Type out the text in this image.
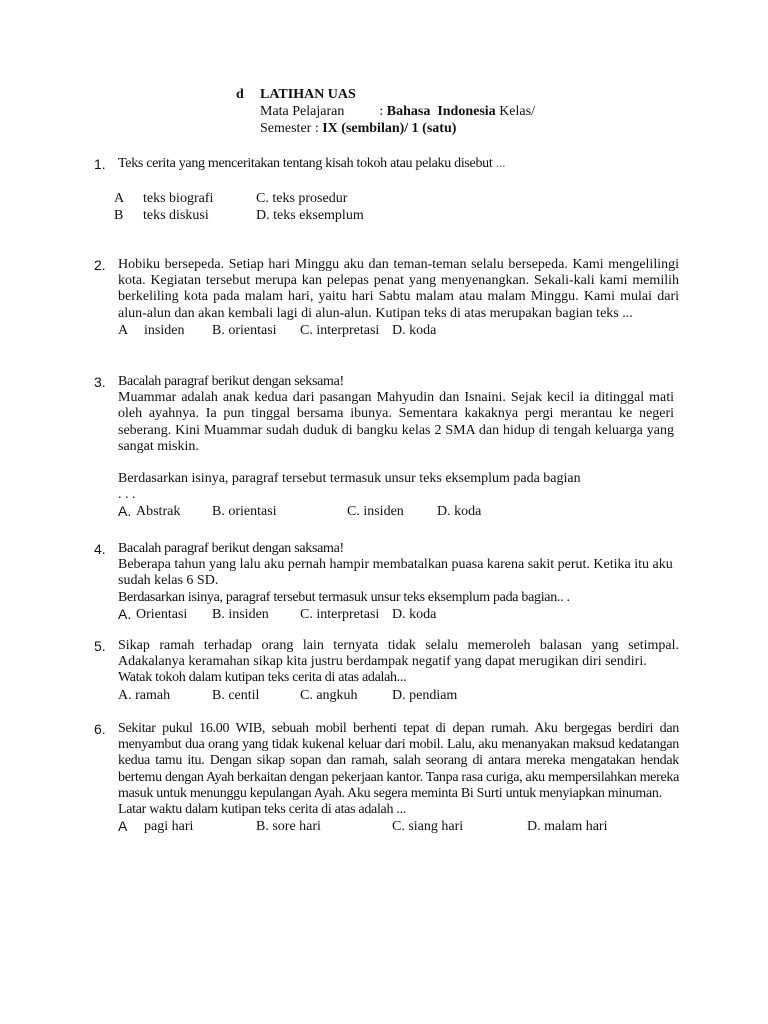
d	LATIHAN UAS
Mata Pelajaran          : Bahasa  Indonesia Kelas/
Semester : IX (sembilan)/ 1 (satu)
1. Teks cerita yang menceritakan tentang kisah tokoh atau pelaku disebut ...

A teks biografi	C. teks prosedur
B teks diskusi	D. teks eksemplum
2. Hobiku bersepeda. Setiap hari Minggu aku dan teman-teman selalu bersepeda. Kami mengelilingi kota. Kegiatan tersebut merupa kan pelepas penat yang menyenangkan. Sekali-kali kami memilih berkeliling kota pada malam hari, yaitu hari Sabtu malam atau malam Minggu. Kami mulai dari alun-alun dan akan kembali lagi di alun-alun. Kutipan teks di atas merupakan bagian teks ...

A insiden B. orientasi C. interpretasi D. koda
3. Bacalah paragraf berikut dengan seksama!

Muammar adalah anak kedua dari pasangan Mahyudin dan Isnaini. Sejak kecil ia ditinggal mati oleh ayahnya. Ia pun tinggal bersama ibunya. Sementara kakaknya pergi merantau ke negeri seberang. Kini Muammar sudah duduk di bangku kelas 2 SMA dan hidup di tengah keluarga yang sangat miskin.

Berdasarkan isinya, paragraf tersebut termasuk unsur teks eksemplum pada bagian

. . .

A. Abstrak B. orientasi	C. insiden D. koda
4. Bacalah paragraf berikut dengan saksama!

Beberapa tahun yang lalu aku pernah hampir membatalkan puasa karena sakit perut. Ketika itu aku sudah kelas 6 SD.

Berdasarkan isinya, paragraf tersebut termasuk unsur teks eksemplum pada bagian.. .

A. Orientasi B. insiden C. interpretasi D. koda
5. Sikap ramah terhadap orang lain ternyata tidak selalu memeroleh balasan yang setimpal. Adakalanya keramahan sikap kita justru berdampak negatif yang dapat merugikan diri sendiri.

Watak tokoh dalam kutipan teks cerita di atas adalah...

A. ramah	B. centil	C. angkuh D. pendiam
6. Sekitar pukul 16.00 WIB, sebuah mobil berhenti tepat di depan rumah. Aku bergegas berdiri dan menyambut dua orang yang tidak kukenal keluar dari mobil. Lalu, aku menanyakan maksud kedatangan kedua tamu itu. Dengan sikap sopan dan ramah, salah seorang di antara mereka mengatakan hendak bertemu dengan Ayah berkaitan dengan pekerjaan kantor. Tanpa rasa curiga, aku mempersilahkan mereka masuk untuk menunggu kepulangan Ayah. Aku segera meminta Bi Surti untuk menyiapkan minuman.

Latar waktu dalam kutipan teks cerita di atas adalah ...

A pagi hari	B. sore hari	C. siang hari	D. malam hari
